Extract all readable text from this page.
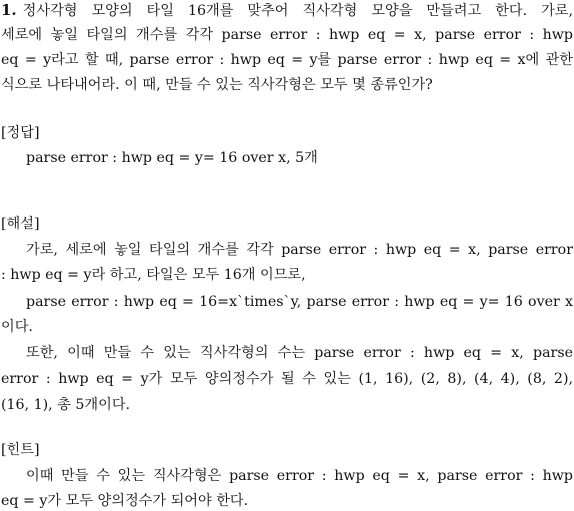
1. 정사각형 모양의 타일 16개를 맞추어 직사각형 모양을 만들려고 한다. 가로,
세로에 놓일 타일의 개수를 각각 parse error : hwp eq = x, parse error : hwp
eq = y라고 할 때, parse error : hwp eq = y를 parse error : hwp eq = x에 관한
식으로 나타내어라. 이 때, 만들 수 있는 직사각형은 모두 몇 종류인가?
[정답]
parse error : hwp eq = y= 16 over x, 5개
[해설]
가로, 세로에 놓일 타일의 개수를 각각 parse error : hwp eq = x, parse error
: hwp eq = y라 하고, 타일은 모두 16개 이므로,
parse error : hwp eq = 16=x`times`y, parse error : hwp eq = y= 16 over x
이다.
또한, 이때 만들 수 있는 직사각형의 수는 parse error : hwp eq = x, parse
error : hwp eq = y가 모두 양의정수가 될 수 있는 (1, 16), (2, 8), (4, 4), (8, 2),
(16, 1), 총 5개이다.
[힌트]
이때 만들 수 있는 직사각형은 parse error : hwp eq = x, parse error : hwp
eq = y가 모두 양의정수가 되어야 한다.
